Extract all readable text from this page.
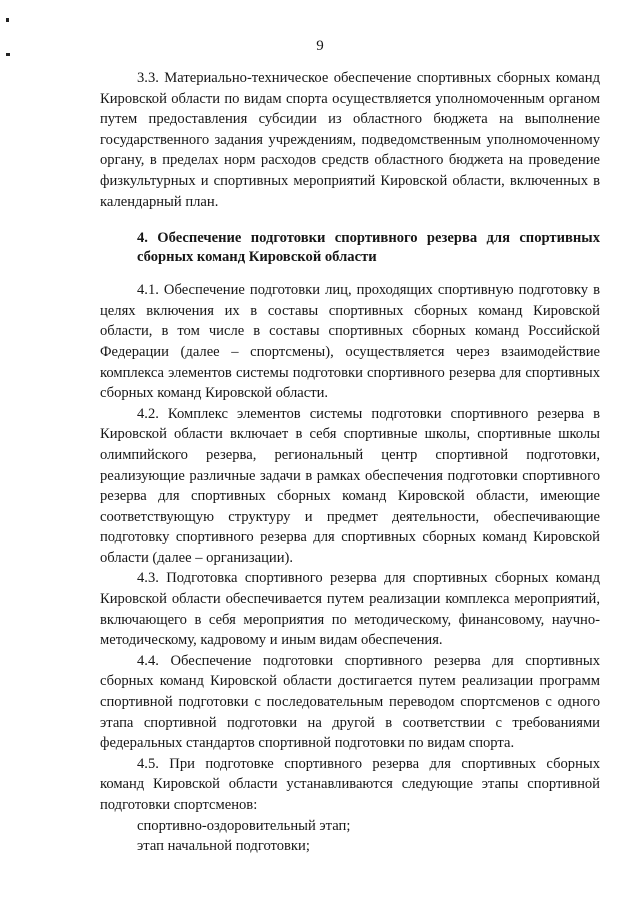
9

3.3. Материально-техническое обеспечение спортивных сборных команд Кировской области по видам спорта осуществляется уполномоченным органом путем предоставления субсидии из областного бюджета на выполнение государственного задания учреждениям, подведомственным уполномоченному органу, в пределах норм расходов средств областного бюджета на проведение физкультурных и спортивных мероприятий Кировской области, включенных в календарный план.

4. Обеспечение подготовки спортивного резерва для спортивных сборных команд Кировской области

4.1. Обеспечение подготовки лиц, проходящих спортивную подготовку в целях включения их в составы спортивных сборных команд Кировской области, в том числе в составы спортивных сборных команд Российской Федерации (далее – спортсмены), осуществляется через взаимодействие комплекса элементов системы подготовки спортивного резерва для спортивных сборных команд Кировской области.

4.2. Комплекс элементов системы подготовки спортивного резерва в Кировской области включает в себя спортивные школы, спортивные школы олимпийского резерва, региональный центр спортивной подготовки, реализующие различные задачи в рамках обеспечения подготовки спортивного резерва для спортивных сборных команд Кировской области, имеющие соответствующую структуру и предмет деятельности, обеспечивающие подготовку спортивного резерва для спортивных сборных команд Кировской области (далее – организации).

4.3. Подготовка спортивного резерва для спортивных сборных команд Кировской области обеспечивается путем реализации комплекса мероприятий, включающего в себя мероприятия по методическому, финансовому, научно-методическому, кадровому и иным видам обеспечения.

4.4. Обеспечение подготовки спортивного резерва для спортивных сборных команд Кировской области достигается путем реализации программ спортивной подготовки с последовательным переводом спортсменов с одного этапа спортивной подготовки на другой в соответствии с требованиями федеральных стандартов спортивной подготовки по видам спорта.

4.5. При подготовке спортивного резерва для спортивных сборных команд Кировской области устанавливаются следующие этапы спортивной подготовки спортсменов:

спортивно-оздоровительный этап;

этап начальной подготовки;
